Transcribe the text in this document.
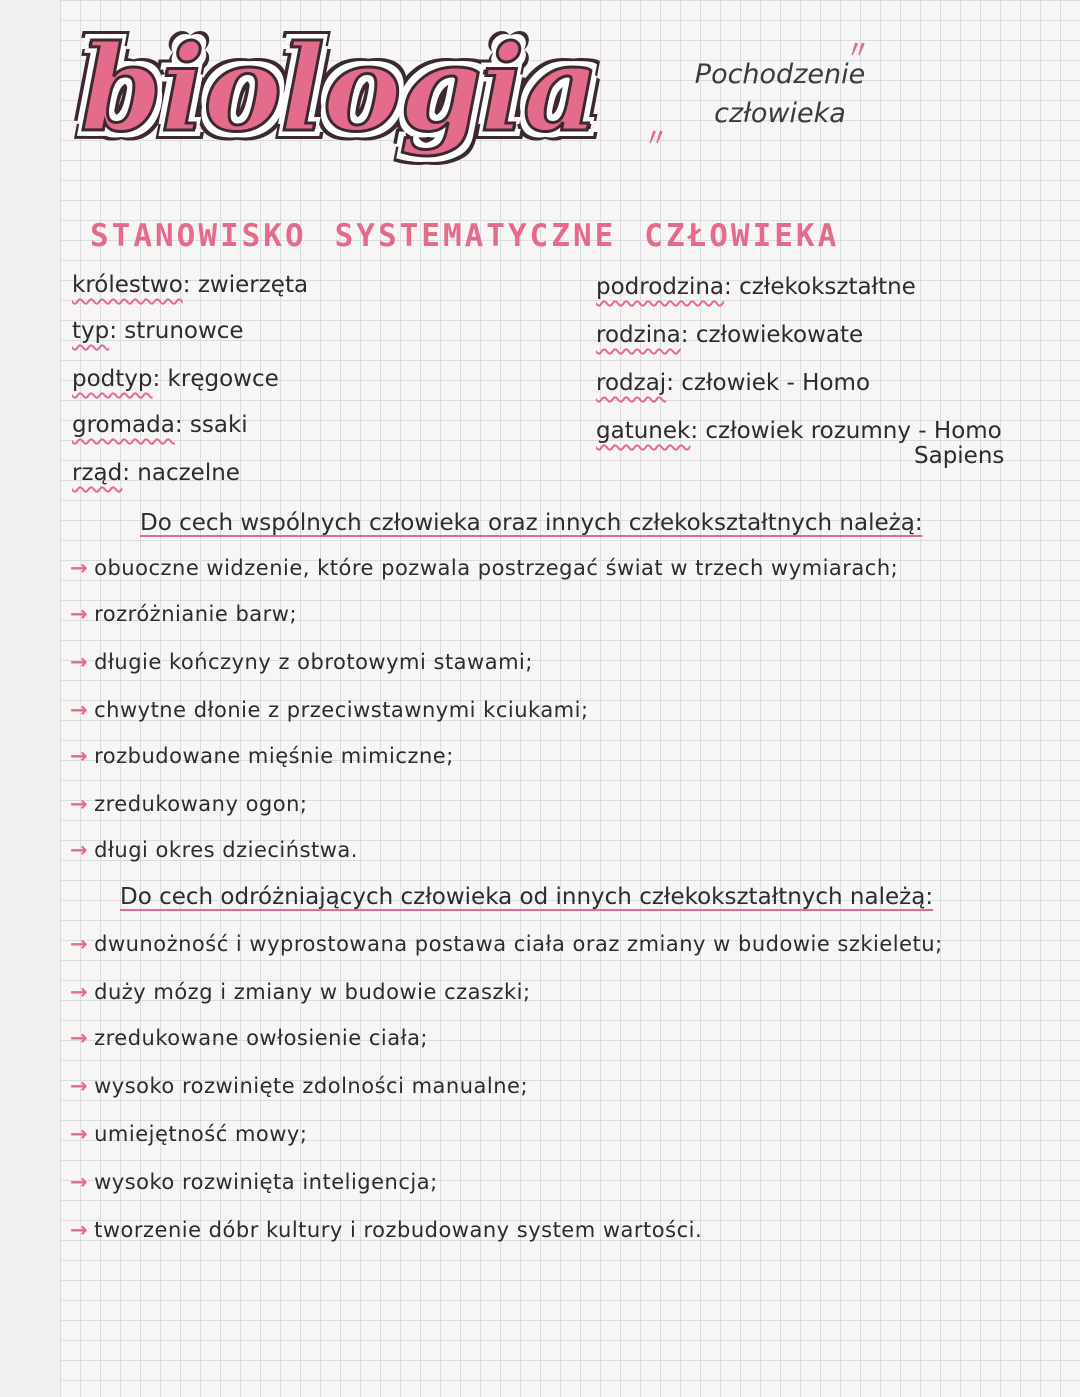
biologia	〃
〃
Pochodzenie
człowieka
STANOWISKO SYSTEMATYCZNE CZŁOWIEKA
królestwo: zwierzęta
typ: strunowce
podtyp: kręgowce
gromada: ssaki
rząd: naczelne
podrodzina: człekokształtne
rodzina: człowiekowate
rodzaj: człowiek - Homo
gatunek: człowiek rozumny - Homo
Sapiens
Do cech wspólnych człowieka oraz innych człekokształtnych należą:
→ obuoczne widzenie, które pozwala postrzegać świat w trzech wymiarach;
→ rozróżnianie barw;
→ długie kończyny z obrotowymi stawami;
→ chwytne dłonie z przeciwstawnymi kciukami;
→ rozbudowane mięśnie mimiczne;
→ zredukowany ogon;
→ długi okres dzieciństwa.
Do cech odróżniających człowieka od innych człekokształtnych należą:
→ dwunożność i wyprostowana postawa ciała oraz zmiany w budowie szkieletu;
→ duży mózg i zmiany w budowie czaszki;
→ zredukowane owłosienie ciała;
→ wysoko rozwinięte zdolności manualne;
→ umiejętność mowy;
→ wysoko rozwinięta inteligencja;
→ tworzenie dóbr kultury i rozbudowany system wartości.
